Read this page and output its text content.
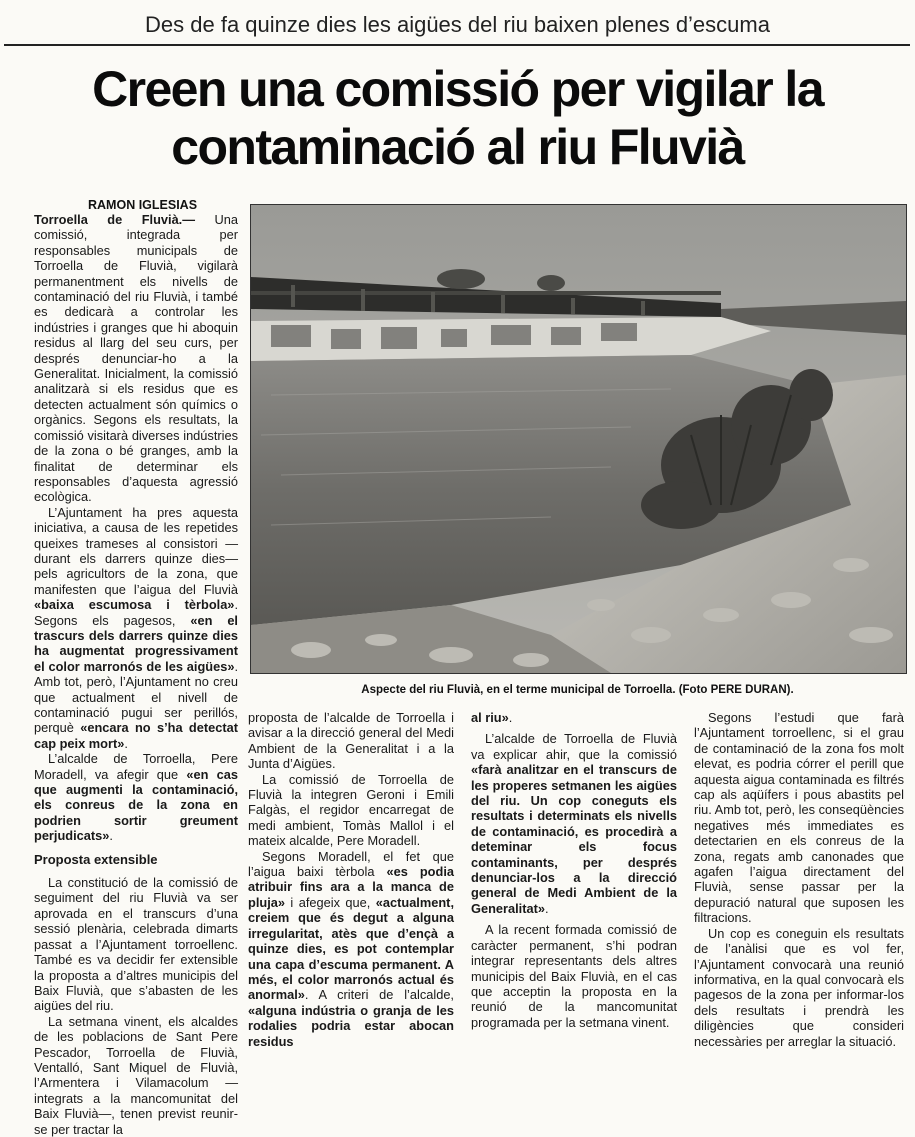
Des de fa quinze dies les aigües del riu baixen plenes d’escuma
Creen una comissió per vigilar la
contaminació al riu Fluvià
RAMON IGLESIAS

Torroella de Fluvià.— Una comissió, integrada per responsables municipals de Torroella de Fluvià, vigilarà permanentment els nivells de contaminació del riu Fluvià, i també es dedicarà a controlar les indústries i granges que hi aboquin residus al llarg del seu curs, per després denunciar-ho a la Generalitat. Inicialment, la comissió analitzarà si els residus que es detecten actualment són químics o orgànics. Segons els resultats, la comissió visitarà diverses indústries de la zona o bé granges, amb la finalitat de determinar els responsables d’aquesta agressió ecològica.

L’Ajuntament ha pres aquesta iniciativa, a causa de les repetides queixes trameses al consistori —durant els darrers quinze dies— pels agricultors de la zona, que manifesten que l’aigua del Fluvià «baixa escumosa i tèrbola». Segons els pagesos, «en el trascurs dels darrers quinze dies ha augmentat progressivament el color marronós de les aigües». Amb tot, però, l’Ajuntament no creu que actualment el nivell de contaminació pugui ser perillós, perquè «encara no s’ha detectat cap peix mort».

L’alcalde de Torroella, Pere Moradell, va afegir que «en cas que augmenti la contaminació, els conreus de la zona en podrien sortir greument perjudicats».

Proposta extensible

La constitució de la comissió de seguiment del riu Fluvià va ser aprovada en el transcurs d’una sessió plenària, celebrada dimarts passat a l’Ajuntament torroellenc. També es va decidir fer extensible la proposta a d’altres municipis del Baix Fluvià, que s’abasten de les aigües del riu.

La setmana vinent, els alcaldes de les poblacions de Sant Pere Pescador, Torroella de Fluvià, Ventalló, Sant Miquel de Fluvià, l’Armentera i Vilamacolum —integrats a la mancomunitat del Baix Fluvià—, tenen previst reunir-se per tractar la

Aspecte del riu Fluvià, en el terme municipal de Torroella. (Foto PERE DURAN).

proposta de l’alcalde de Torroella i avisar a la direcció general del Medi Ambient de la Generalitat i a la Junta d’Aigües.

La comissió de Torroella de Fluvià la integren Geroni i Emili Falgàs, el regidor encarregat de medi ambient, Tomàs Mallol i el mateix alcalde, Pere Moradell.

Segons Moradell, el fet que l’aigua baixi tèrbola «es podia atribuir fins ara a la manca de pluja» i afegeix que, «actualment, creiem que és degut a alguna irregularitat, atès que d’ençà a quinze dies, es pot contemplar una capa d’escuma permanent. A més, el color marronós actual és anormal». A criteri de l’alcalde, «alguna indústria o granja de les rodalies podria estar abocan residus

al riu».

L’alcalde de Torroella de Fluvià va explicar ahir, que la comissió «farà analitzar en el transcurs de les properes setmanen les aigües del riu. Un cop coneguts els resultats i determinats els nivells de contaminació, es procedirà a deteminar els focus contaminants, per després denunciar-los a la direcció general de Medi Ambient de la Generalitat».

A la recent formada comissió de caràcter permanent, s’hi podran integrar representants dels altres municipis del Baix Fluvià, en el cas que acceptin la proposta en la reunió de la mancomunitat programada per la setmana vinent.

Segons l’estudi que farà l’Ajuntament torroellenc, si el grau de contaminació de la zona fos molt elevat, es podria córrer el perill que aquesta aigua contaminada es filtrés cap als aqüífers i pous abastits pel riu. Amb tot, però, les conseqüències negatives més immediates es detectarien en els conreus de la zona, regats amb canonades que agafen l’aigua directament del Fluvià, sense passar per la depuració natural que suposen les filtracions.

Un cop es coneguin els resultats de l’anàlisi que es vol fer, l’Ajuntament convocarà una reunió informativa, en la qual convocarà els pagesos de la zona per informar-los dels resultats i prendrà les diligències que consideri necessàries per arreglar la situació.
